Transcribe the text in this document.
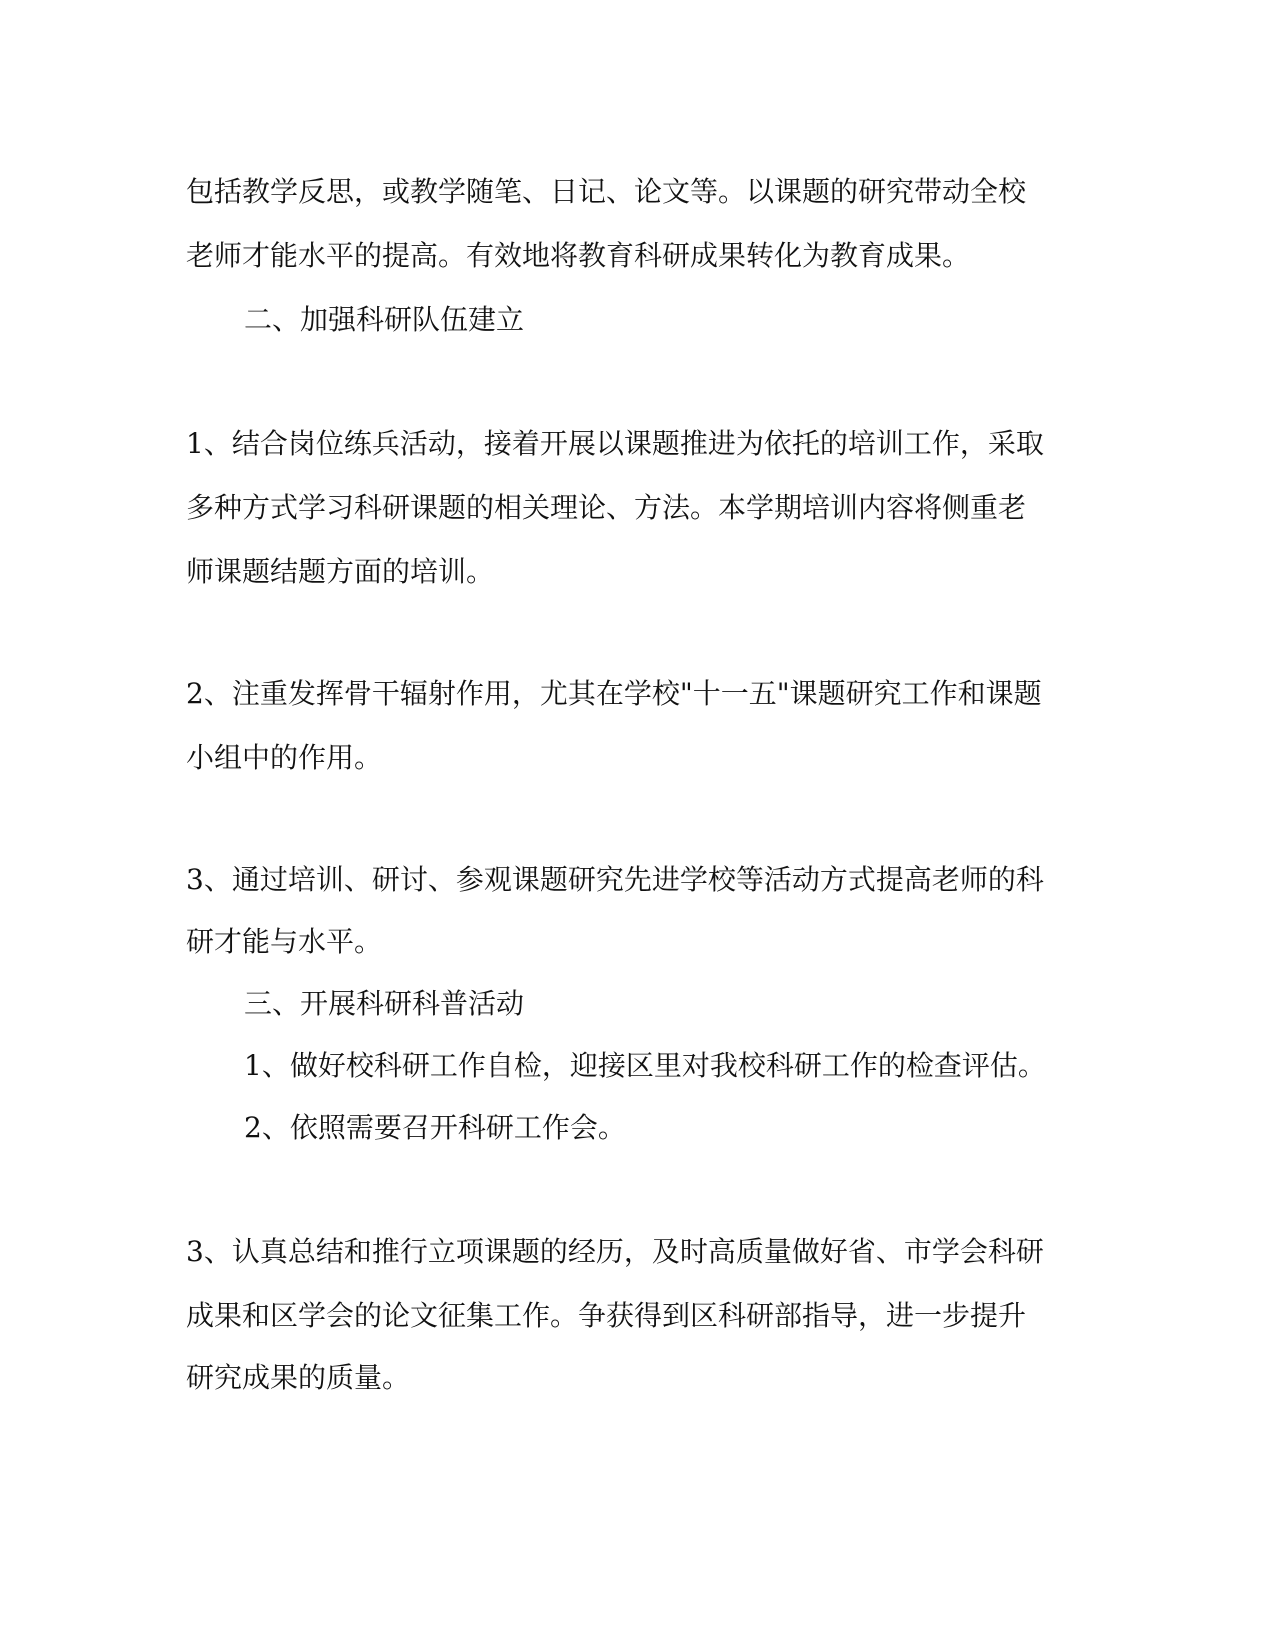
包括教学反思，或教学随笔、日记、论文等。以课题的研究带动全校

老师才能水平的提高。有效地将教育科研成果转化为教育成果。

二、加强科研队伍建立

1、结合岗位练兵活动，接着开展以课题推进为依托的培训工作，采取

多种方式学习科研课题的相关理论、方法。本学期培训内容将侧重老

师课题结题方面的培训。

2、注重发挥骨干辐射作用，尤其在学校"十一五"课题研究工作和课题

小组中的作用。

3、通过培训、研讨、参观课题研究先进学校等活动方式提高老师的科

研才能与水平。

三、开展科研科普活动

1、做好校科研工作自检，迎接区里对我校科研工作的检查评估。

2、依照需要召开科研工作会。

3、认真总结和推行立项课题的经历，及时高质量做好省、市学会科研

成果和区学会的论文征集工作。争获得到区科研部指导，进一步提升

研究成果的质量。
